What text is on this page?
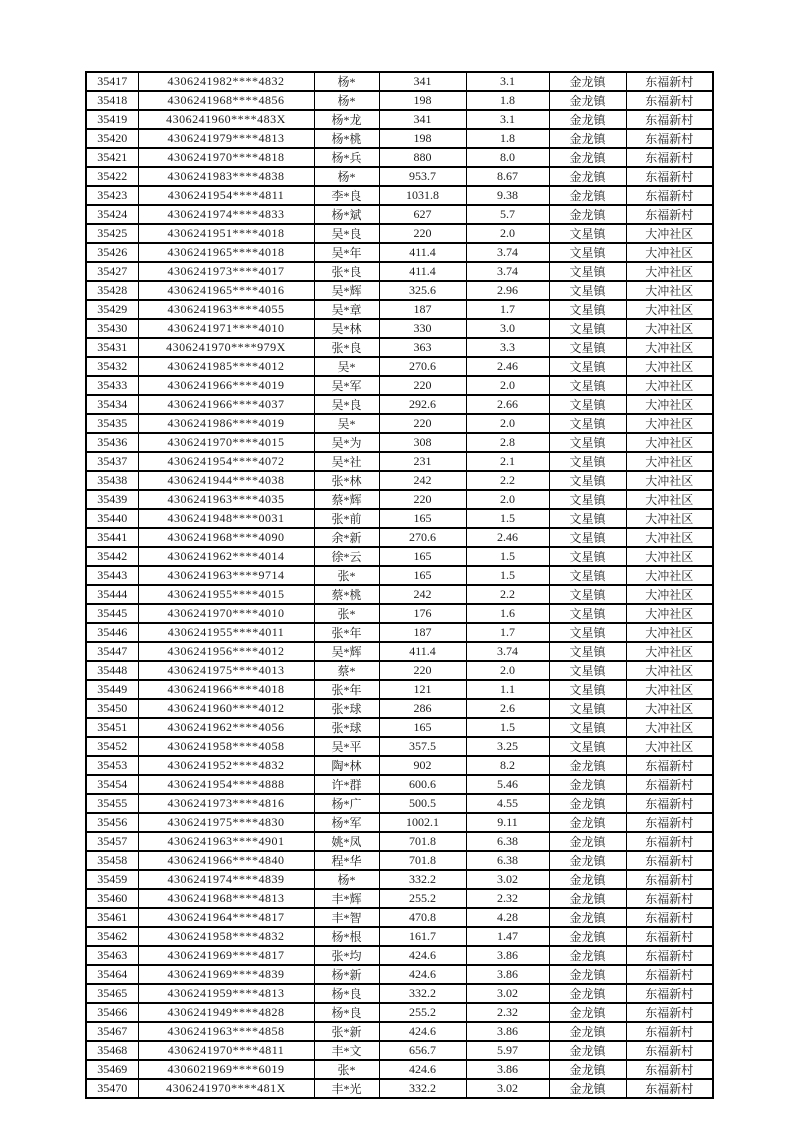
35417	4306241982****4832	杨*	341	3.1	金龙镇	东福新村
35418	4306241968****4856	杨*	198	1.8	金龙镇	东福新村
35419	4306241960****483X	杨*龙	341	3.1	金龙镇	东福新村
35420	4306241979****4813	杨*桃	198	1.8	金龙镇	东福新村
35421	4306241970****4818	杨*兵	880	8.0	金龙镇	东福新村
35422	4306241983****4838	杨*	953.7	8.67	金龙镇	东福新村
35423	4306241954****4811	李*良	1031.8	9.38	金龙镇	东福新村
35424	4306241974****4833	杨*斌	627	5.7	金龙镇	东福新村
35425	4306241951****4018	吴*良	220	2.0	文星镇	大冲社区
35426	4306241965****4018	吴*年	411.4	3.74	文星镇	大冲社区
35427	4306241973****4017	张*良	411.4	3.74	文星镇	大冲社区
35428	4306241965****4016	吴*辉	325.6	2.96	文星镇	大冲社区
35429	4306241963****4055	吴*章	187	1.7	文星镇	大冲社区
35430	4306241971****4010	吴*林	330	3.0	文星镇	大冲社区
35431	4306241970****979X	张*良	363	3.3	文星镇	大冲社区
35432	4306241985****4012	吴*	270.6	2.46	文星镇	大冲社区
35433	4306241966****4019	吴*军	220	2.0	文星镇	大冲社区
35434	4306241966****4037	吴*良	292.6	2.66	文星镇	大冲社区
35435	4306241986****4019	吴*	220	2.0	文星镇	大冲社区
35436	4306241970****4015	吴*为	308	2.8	文星镇	大冲社区
35437	4306241954****4072	吴*社	231	2.1	文星镇	大冲社区
35438	4306241944****4038	张*林	242	2.2	文星镇	大冲社区
35439	4306241963****4035	蔡*辉	220	2.0	文星镇	大冲社区
35440	4306241948****0031	张*前	165	1.5	文星镇	大冲社区
35441	4306241968****4090	余*新	270.6	2.46	文星镇	大冲社区
35442	4306241962****4014	徐*云	165	1.5	文星镇	大冲社区
35443	4306241963****9714	张*	165	1.5	文星镇	大冲社区
35444	4306241955****4015	蔡*桃	242	2.2	文星镇	大冲社区
35445	4306241970****4010	张*	176	1.6	文星镇	大冲社区
35446	4306241955****4011	张*年	187	1.7	文星镇	大冲社区
35447	4306241956****4012	吴*辉	411.4	3.74	文星镇	大冲社区
35448	4306241975****4013	蔡*	220	2.0	文星镇	大冲社区
35449	4306241966****4018	张*年	121	1.1	文星镇	大冲社区
35450	4306241960****4012	张*球	286	2.6	文星镇	大冲社区
35451	4306241962****4056	张*球	165	1.5	文星镇	大冲社区
35452	4306241958****4058	吴*平	357.5	3.25	文星镇	大冲社区
35453	4306241952****4832	陶*林	902	8.2	金龙镇	东福新村
35454	4306241954****4888	许*群	600.6	5.46	金龙镇	东福新村
35455	4306241973****4816	杨*广	500.5	4.55	金龙镇	东福新村
35456	4306241975****4830	杨*军	1002.1	9.11	金龙镇	东福新村
35457	4306241963****4901	姚*凤	701.8	6.38	金龙镇	东福新村
35458	4306241966****4840	程*华	701.8	6.38	金龙镇	东福新村
35459	4306241974****4839	杨*	332.2	3.02	金龙镇	东福新村
35460	4306241968****4813	丰*辉	255.2	2.32	金龙镇	东福新村
35461	4306241964****4817	丰*智	470.8	4.28	金龙镇	东福新村
35462	4306241958****4832	杨*根	161.7	1.47	金龙镇	东福新村
35463	4306241969****4817	张*均	424.6	3.86	金龙镇	东福新村
35464	4306241969****4839	杨*新	424.6	3.86	金龙镇	东福新村
35465	4306241959****4813	杨*良	332.2	3.02	金龙镇	东福新村
35466	4306241949****4828	杨*良	255.2	2.32	金龙镇	东福新村
35467	4306241963****4858	张*新	424.6	3.86	金龙镇	东福新村
35468	4306241970****4811	丰*文	656.7	5.97	金龙镇	东福新村
35469	4306021969****6019	张*	424.6	3.86	金龙镇	东福新村
35470	4306241970****481X	丰*光	332.2	3.02	金龙镇	东福新村
